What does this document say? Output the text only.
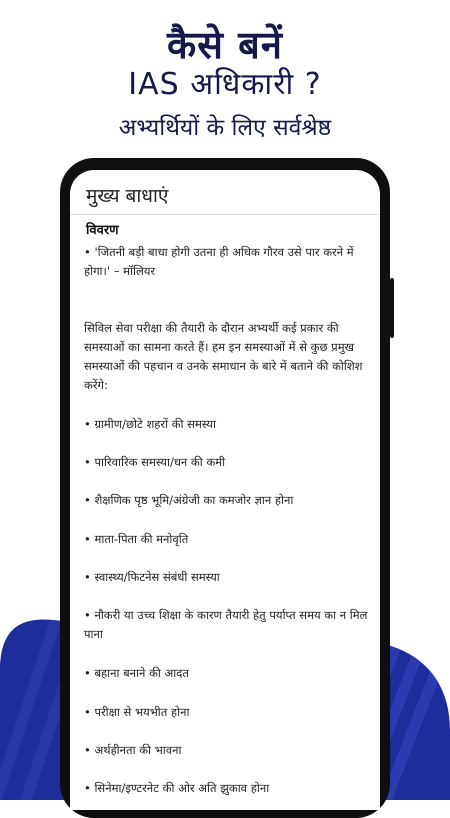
कैसे बनें
IAS अधिकारी ?
अभ्यर्थियों के लिए सर्वश्रेष्ठ
मुख्य बाधाएं
विवरण
• 'जितनी बड़ी बाधा होगी उतना ही अधिक गौरव उसे पार करने में होगा।' – मॉलियर
सिविल सेवा परीक्षा की तैयारी के दौरान अभ्यर्थी कई प्रकार की समस्याओं का सामना करते हैं। हम इन समस्याओं में से कुछ प्रमुख समस्याओं की पहचान व उनके समाधान के बारे में बताने की कोशिश करेंगे:
• ग्रामीण/छोटे शहरों की समस्या
• पारिवारिक समस्या/धन की कमी
• शैक्षणिक पृष्ठ भूमि/अंग्रेजी का कमजोर ज्ञान होना
• माता-पिता की मनोवृति
• स्वास्थ्य/फिटनेस संबंधी समस्या
• नौकरी या उच्च शिक्षा के कारण तैयारी हेतु पर्याप्त समय का न मिल पाना
• बहाना बनाने की आदत
• परीक्षा से भयभीत होना
• अर्थहीनता की भावना
• सिनेमा/इण्टरनेट की ओर अति झुकाव होना
